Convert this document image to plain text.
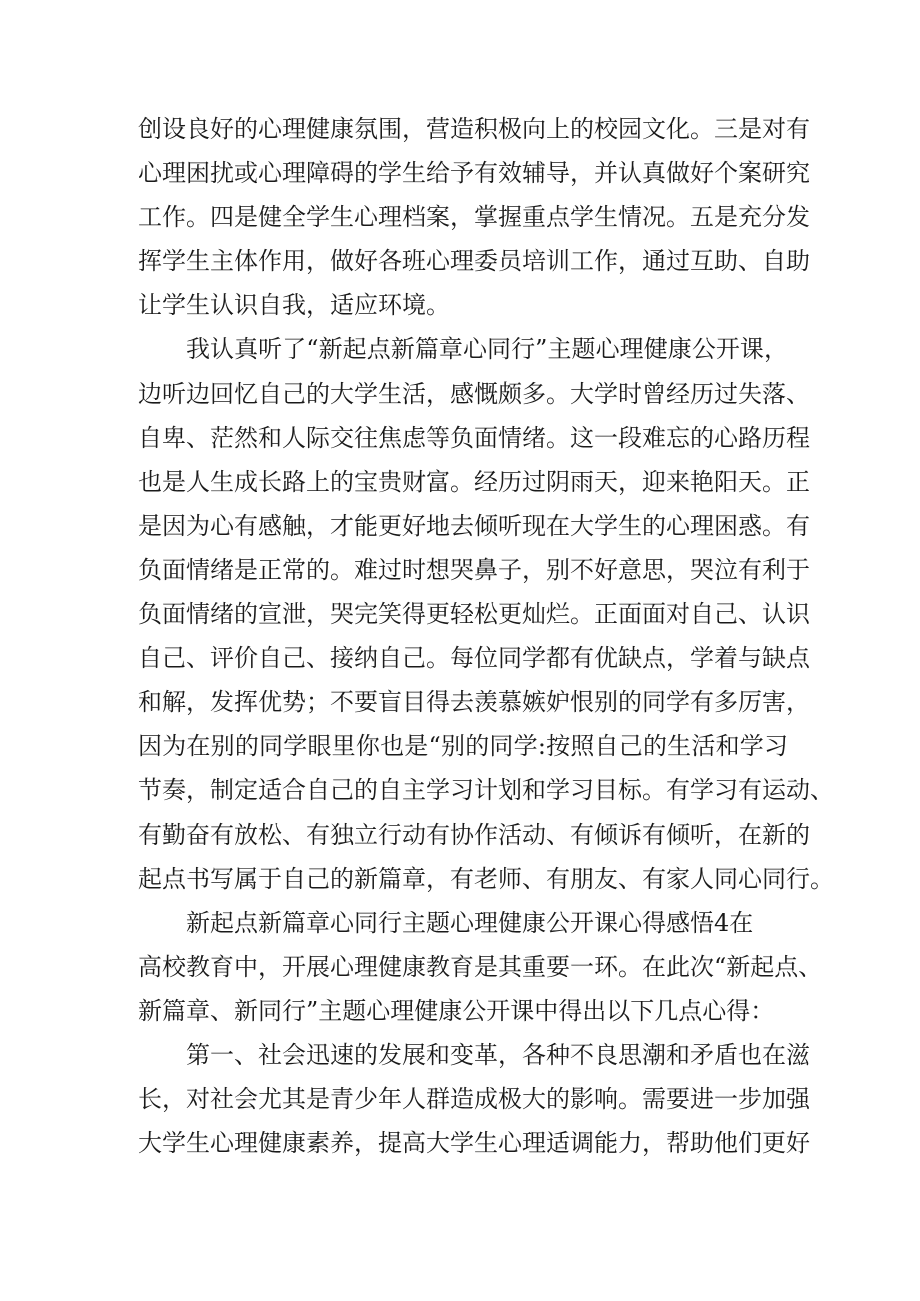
创设良好的心理健康氛围，营造积极向上的校园文化。三是对有
心理困扰或心理障碍的学生给予有效辅导，并认真做好个案研究
工作。四是健全学生心理档案，掌握重点学生情况。五是充分发
挥学生主体作用，做好各班心理委员培训工作，通过互助、自助
让学生认识自我，适应环境。
我认真听了“新起点新篇章心同行”主题心理健康公开课，
边听边回忆自己的大学生活，感慨颇多。大学时曾经历过失落、
自卑、茫然和人际交往焦虑等负面情绪。这一段难忘的心路历程
也是人生成长路上的宝贵财富。经历过阴雨天，迎来艳阳天。正
是因为心有感触，才能更好地去倾听现在大学生的心理困惑。有
负面情绪是正常的。难过时想哭鼻子，别不好意思，哭泣有利于
负面情绪的宣泄，哭完笑得更轻松更灿烂。正面面对自己、认识
自己、评价自己、接纳自己。每位同学都有优缺点，学着与缺点
和解，发挥优势；不要盲目得去羡慕嫉妒恨别的同学有多厉害，
因为在别的同学眼里你也是“别的同学:按照自己的生活和学习
节奏，制定适合自己的自主学习计划和学习目标。有学习有运动、
有勤奋有放松、有独立行动有协作活动、有倾诉有倾听，在新的
起点书写属于自己的新篇章，有老师、有朋友、有家人同心同行。
新起点新篇章心同行主题心理健康公开课心得感悟4在
高校教育中，开展心理健康教育是其重要一环。在此次“新起点、
新篇章、新同行”主题心理健康公开课中得出以下几点心得：
第一、社会迅速的发展和变革，各种不良思潮和矛盾也在滋
长，对社会尤其是青少年人群造成极大的影响。需要进一步加强
大学生心理健康素养，提高大学生心理适调能力，帮助他们更好
